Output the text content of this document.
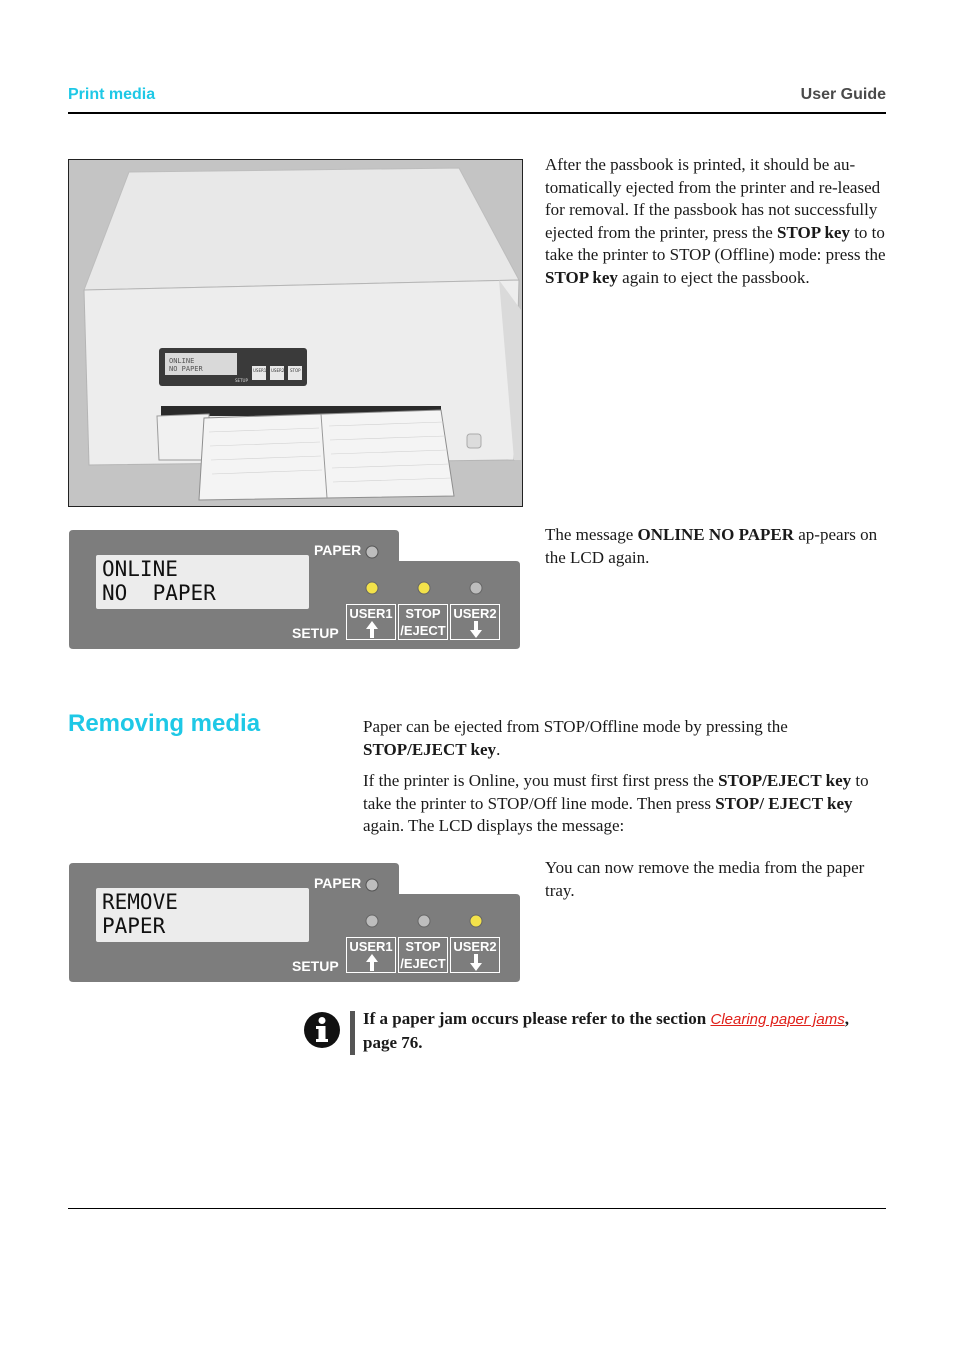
Print media	User Guide
ONLINE
NO PAPER	USER1 USER2 STOP
SETUP

After the passbook is printed, it should be au-tomatically ejected from the printer and re-leased for removal. If the passbook has not successfully ejected from the printer, press the STOP key to to take the printer to STOP (Offline) mode: press the STOP key again to eject the passbook.

ONLINE
NO  PAPER
PAPER
SETUP
USER1 STOP
/EJECT
USER2

The message ONLINE NO PAPER ap-pears on the LCD again.

Removing media	Paper can be ejected from STOP/Offline mode by pressing the STOP/EJECT key.

If the printer is Online, you must first first press the STOP/EJECT key to take the printer to STOP/Off line mode. Then press STOP/ EJECT key again. The LCD displays the message:

REMOVE
PAPER
PAPER
SETUP
USER1 STOP
/EJECT
USER2
You can now remove the media from the paper tray.
If a paper jam occurs please refer to the section Clearing paper jams, page 76.
